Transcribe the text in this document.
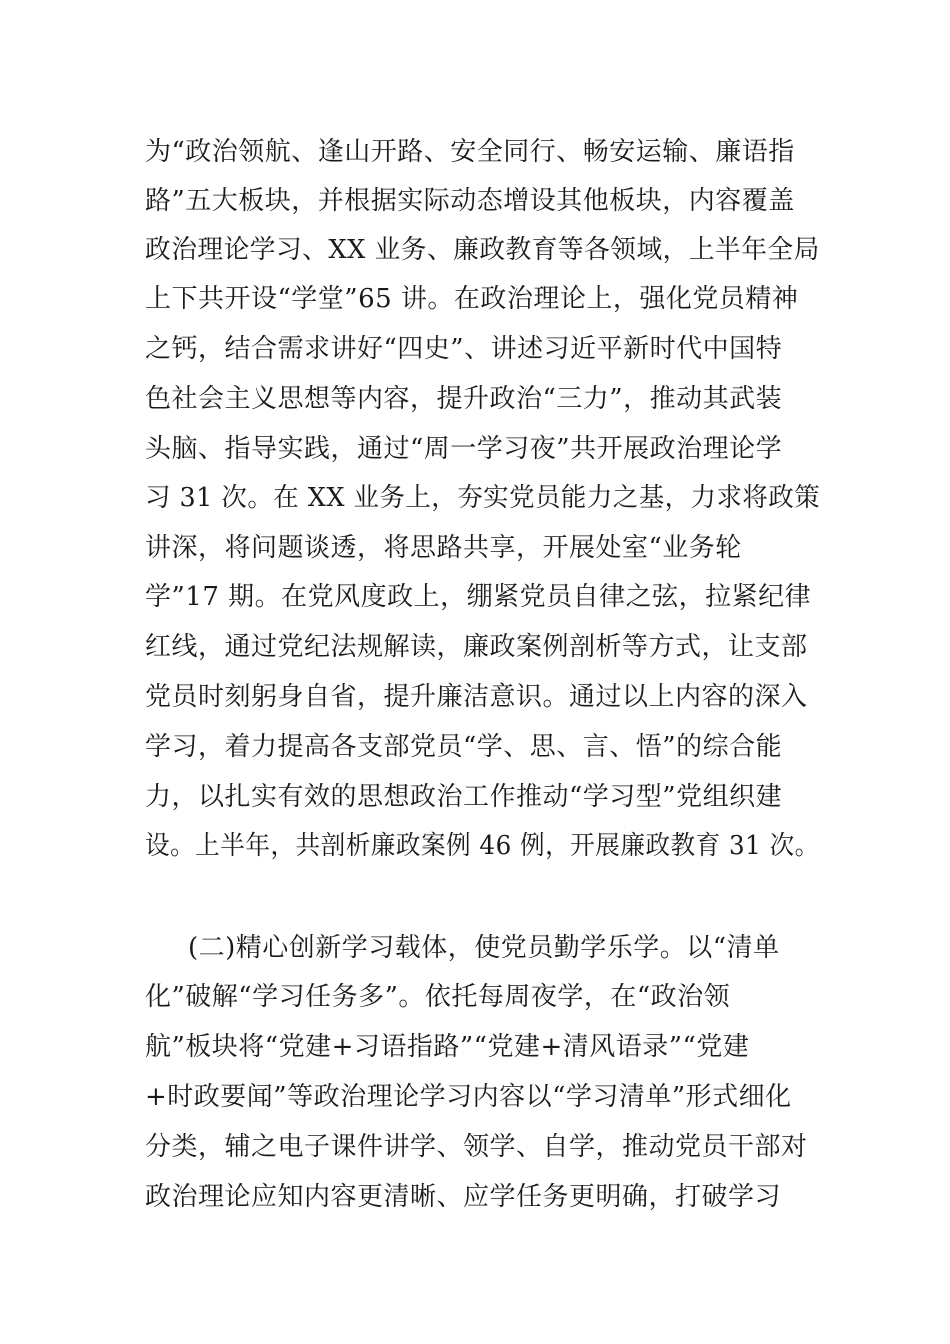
为“政治领航、逢山开路、安全同行、畅安运输、廉语指
路”五大板块，并根据实际动态增设其他板块，内容覆盖
政治理论学习、XX 业务、廉政教育等各领域，上半年全局
上下共开设“学堂”65 讲。在政治理论上，强化党员精神
之钙，结合需求讲好“四史”、讲述习近平新时代中国特
色社会主义思想等内容，提升政治“三力”，推动其武装
头脑、指导实践，通过“周一学习夜”共开展政治理论学
习 31 次。在 XX 业务上，夯实党员能力之基，力求将政策
讲深，将问题谈透，将思路共享，开展处室“业务轮
学”17 期。在党风度政上，绷紧党员自律之弦，拉紧纪律
红线，通过党纪法规解读，廉政案例剖析等方式，让支部
党员时刻躬身自省，提升廉洁意识。通过以上内容的深入
学习，着力提高各支部党员“学、思、言、悟”的综合能
力，以扎实有效的思想政治工作推动“学习型”党组织建
设。上半年，共剖析廉政案例 46 例，开展廉政教育 31 次。
(二)精心创新学习载体，使党员勤学乐学。以“清单
化”破解“学习任务多”。依托每周夜学，在“政治领
航”板块将“党建+习语指路”“党建+清风语录”“党建
+时政要闻”等政治理论学习内容以“学习清单”形式细化
分类，辅之电子课件讲学、领学、自学，推动党员干部对
政治理论应知内容更清晰、应学任务更明确，打破学习
